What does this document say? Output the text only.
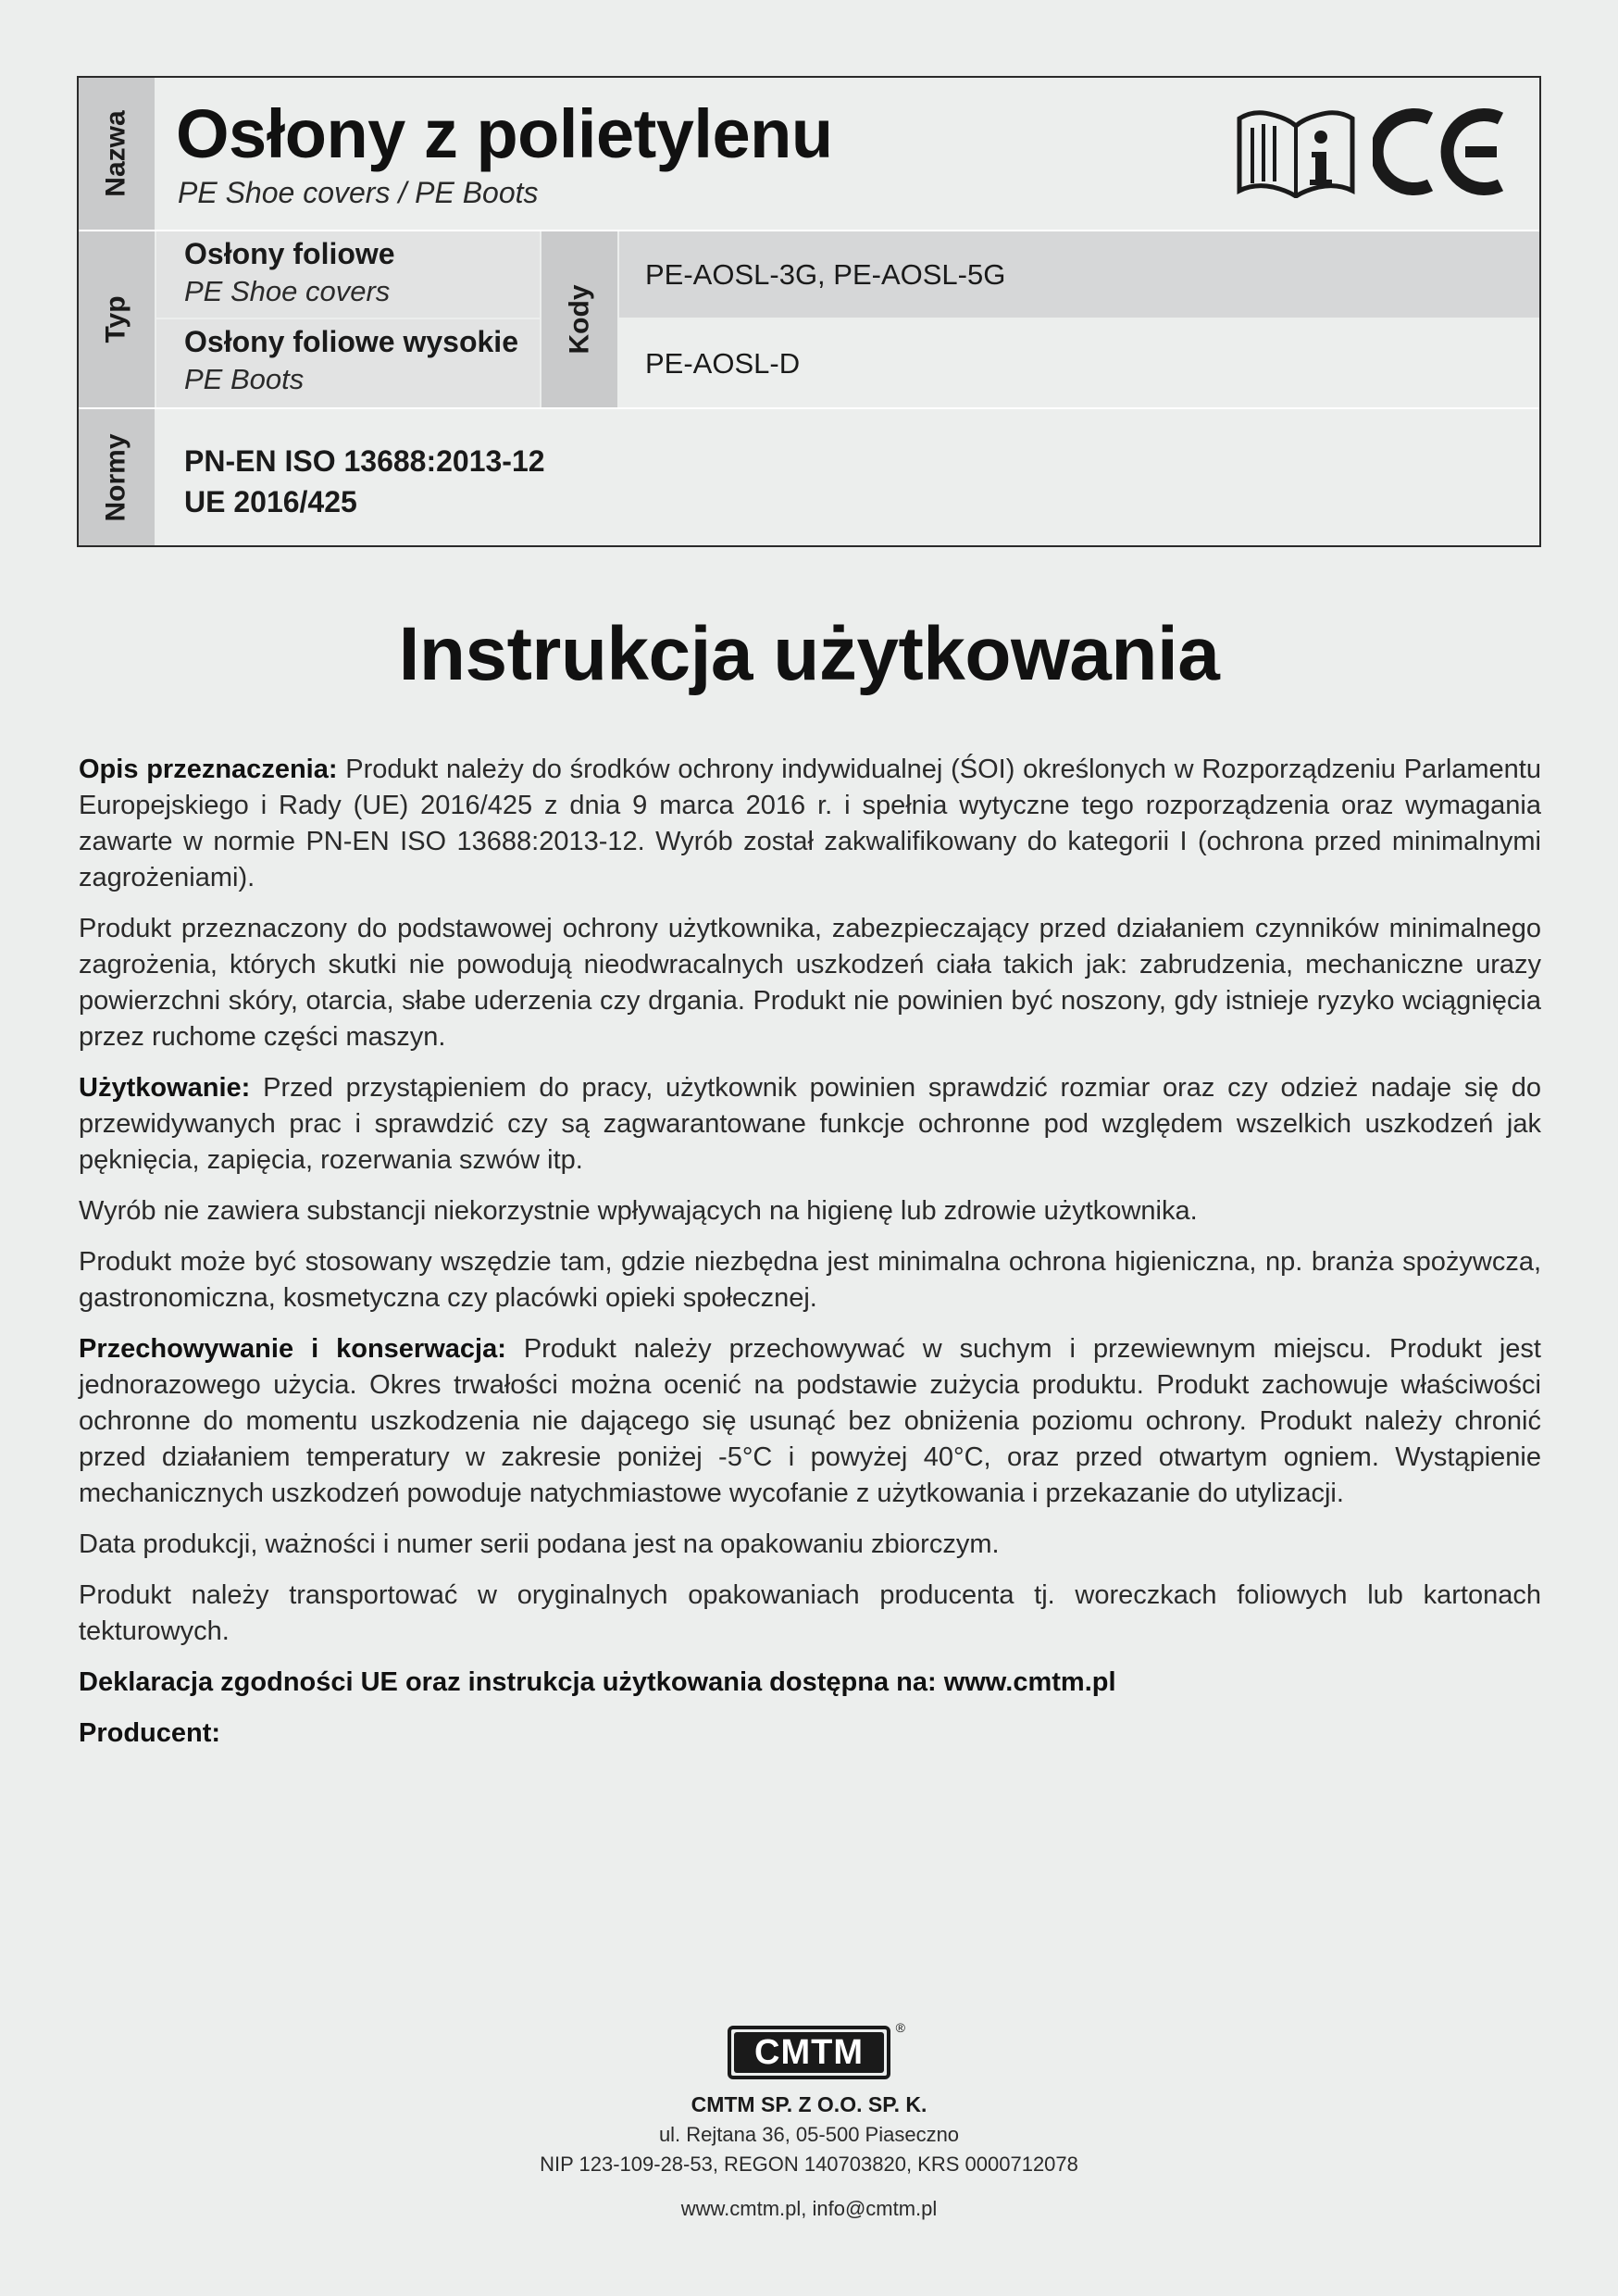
Nazwa Osłony z polietylenu
PE Shoe covers / PE Boots
Typ
Osłony foliowe
PE Shoe covers
Osłony foliowe wysokie
PE Boots
Kody
PE-AOSL-3G, PE-AOSL-5G
PE-AOSL-D
Normy PN-EN ISO 13688:2013-12
UE 2016/425
Instrukcja użytkowania

Opis przeznaczenia: Produkt należy do środków ochrony indywidualnej (ŚOI) określonych w Rozporządzeniu Parlamentu Europejskiego i Rady (UE) 2016/425 z dnia 9 marca 2016 r. i spełnia wytyczne tego rozporządzenia oraz wymagania zawarte w normie PN-EN ISO 13688:2013-12. Wyrób został zakwalifikowany do kategorii I (ochrona przed minimalnymi zagrożeniami).

Produkt przeznaczony do podstawowej ochrony użytkownika, zabezpieczający przed działaniem czynników minimalnego zagrożenia, których skutki nie powodują nieodwracalnych uszkodzeń ciała takich jak: zabrudzenia, mechaniczne urazy powierzchni skóry, otarcia, słabe uderzenia czy drgania. Produkt nie powinien być noszony, gdy istnieje ryzyko wciągnięcia przez ruchome części maszyn.

Użytkowanie: Przed przystąpieniem do pracy, użytkownik powinien sprawdzić rozmiar oraz czy odzież nadaje się do przewidywanych prac i sprawdzić czy są zagwarantowane funkcje ochronne pod względem wszelkich uszkodzeń jak pęknięcia, zapięcia, rozerwania szwów itp.

Wyrób nie zawiera substancji niekorzystnie wpływających na higienę lub zdrowie użytkownika.

Produkt może być stosowany wszędzie tam, gdzie niezbędna jest minimalna ochrona higieniczna, np. branża spożywcza, gastronomiczna, kosmetyczna czy placówki opieki społecznej.

Przechowywanie i konserwacja: Produkt należy przechowywać w suchym i przewiewnym miejscu. Produkt jest jednorazowego użycia. Okres trwałości można ocenić na podstawie zużycia produktu. Produkt zachowuje właściwości ochronne do momentu uszkodzenia nie dającego się usunąć bez obniżenia poziomu ochrony. Produkt należy chronić przed działaniem temperatury w zakresie poniżej -5°C i powyżej 40°C, oraz przed otwartym ogniem. Wystąpienie mechanicznych uszkodzeń powoduje natychmiastowe wycofanie z użytkowania i przekazanie do utylizacji.

Data produkcji, ważności i numer serii podana jest na opakowaniu zbiorczym.

Produkt należy transportować w oryginalnych opakowaniach producenta tj. woreczkach foliowych lub kartonach tekturowych.

Deklaracja zgodności UE oraz instrukcja użytkowania dostępna na: www.cmtm.pl

Producent:

CMTM
®
CMTM SP. Z O.O. SP. K.
ul. Rejtana 36, 05-500 Piaseczno
NIP 123-109-28-53, REGON 140703820, KRS 0000712078
www.cmtm.pl, info@cmtm.pl
